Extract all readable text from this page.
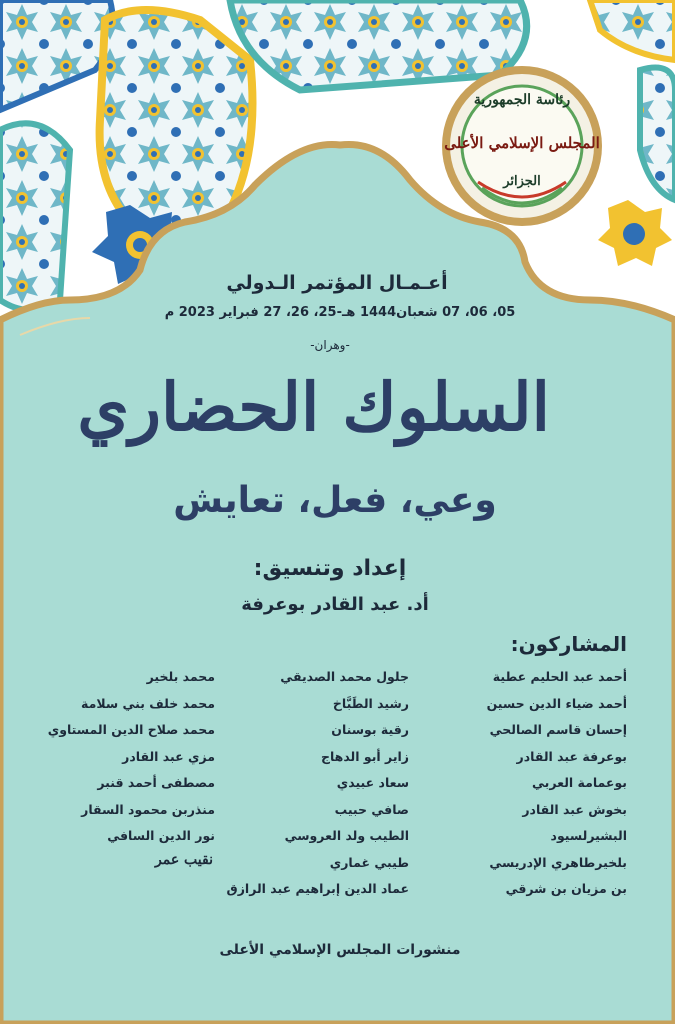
رئاسة الجمهورية
المجلس الإسلامي الأعلى
الجزائر
أعـمـال المؤتمر الـدولي
05، 06، 07 شعبان1444 هـ-25، 26، 27 فبراير 2023 م
-وهران-
السلوك الحضاري
وعي، فعل، تعايش
إعداد وتنسيق:
أد. عبد القادر بوعرفة
المشاركون:
أحمد عبد الحليم عطية
أحمد ضياء الدين حسين
إحسان قاسم الصالحي
بوعرفة عبد القادر
بوعمامة العربي
بخوش عبد القادر
البشيرلسيود
بلخيرطاهري الإدريسي
بن مزيان بن شرقي
جلول محمد الصديقي
رشيد الطَبَّاخ
رقية بوسنان
زاير أبو الدهاج
سعاد عبيدي
صافي حبيب
الطيب ولد العروسي
طيبي غماري
عماد الدين إبراهيم عبد الرازق
محمد بلخير
محمد خلف بني سلامة
محمد صلاح الدين المستاوي
مزي عبد القادر
مصطفى أحمد قنبر
منذربن محمود السقار
نور الدين السافي
نقيب عمر
منشورات المجلس الإسلامي الأعلى
